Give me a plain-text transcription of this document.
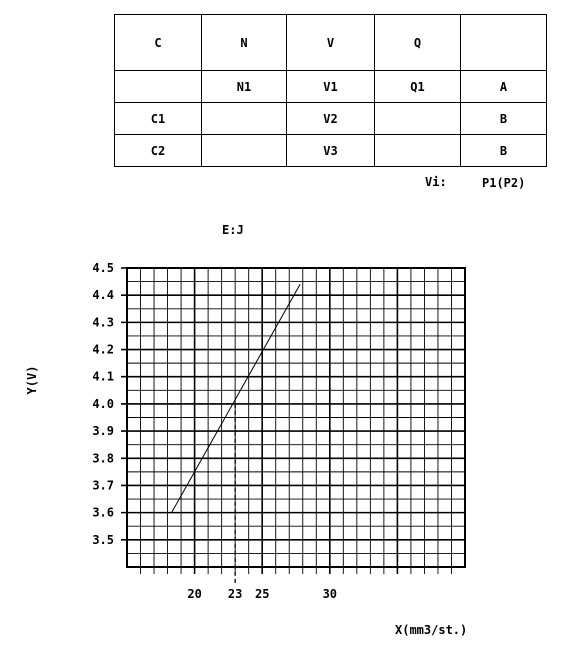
C	N	V	Q	
	N1	V1	Q1	A
C1		V2		B
C2		V3		B
Vi:	P1(P2)
3.5
3.6
3.7
3.8
3.9
4.0
4.1
4.2
4.3
4.4
4.5
20 23 25	30
E:J
X(mm3/st.)
Y(V)
